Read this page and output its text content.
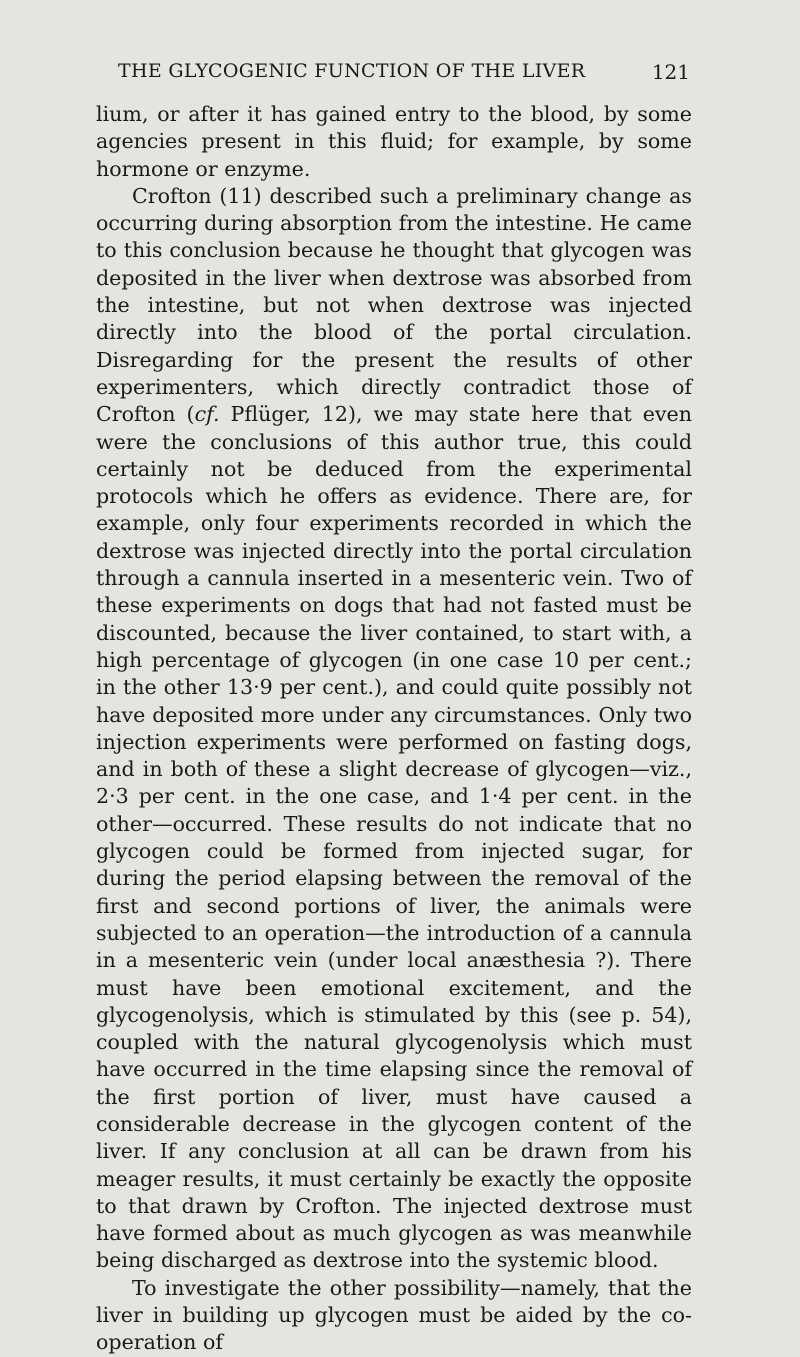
THE GLYCOGENIC FUNCTION OF THE LIVER	121

lium, or after it has gained entry to the blood, by some agencies present in this fluid; for example, by some hormone or enzyme.

Crofton (11) described such a preliminary change as occurring during absorption from the intestine. He came to this conclusion because he thought that glycogen was deposited in the liver when dextrose was absorbed from the intestine, but not when dextrose was injected directly into the blood of the portal circulation. Disregarding for the present the results of other experimenters, which directly contradict those of Crofton (cf. Pflüger, 12), we may state here that even were the conclusions of this author true, this could certainly not be deduced from the experimental protocols which he offers as evidence. There are, for example, only four experiments recorded in which the dextrose was injected directly into the portal circulation through a cannula inserted in a mesenteric vein. Two of these experiments on dogs that had not fasted must be discounted, because the liver contained, to start with, a high percentage of glycogen (in one case 10 per cent.; in the other 13·9 per cent.), and could quite possibly not have deposited more under any circumstances. Only two injection experiments were performed on fasting dogs, and in both of these a slight decrease of glycogen—viz., 2·3 per cent. in the one case, and 1·4 per cent. in the other—occurred. These results do not indicate that no glycogen could be formed from injected sugar, for during the period elapsing between the removal of the first and second portions of liver, the animals were subjected to an operation—the introduction of a cannula in a mesenteric vein (under local anæsthesia ?). There must have been emotional excitement, and the glycogenolysis, which is stimulated by this (see p. 54), coupled with the natural glycogenolysis which must have occurred in the time elapsing since the removal of the first portion of liver, must have caused a considerable decrease in the glycogen content of the liver. If any conclusion at all can be drawn from his meager results, it must certainly be exactly the opposite to that drawn by Crofton. The injected dextrose must have formed about as much glycogen as was meanwhile being discharged as dextrose into the systemic blood.

To investigate the other possibility—namely, that the liver in building up glycogen must be aided by the co-operation of
